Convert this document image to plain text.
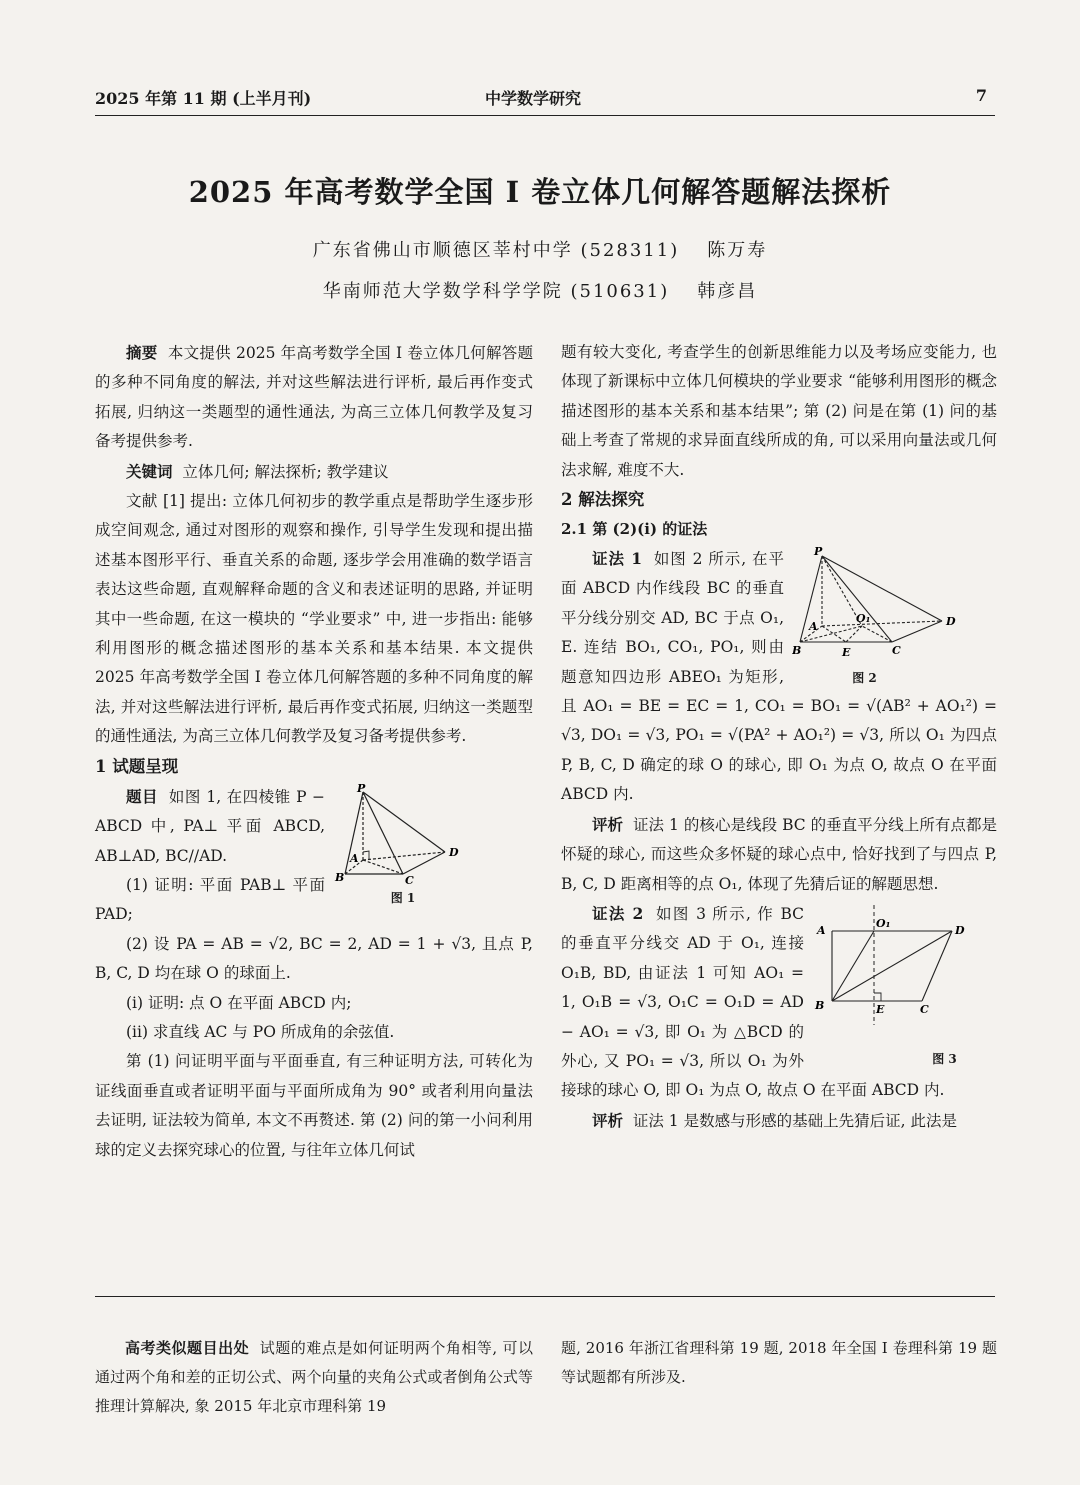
2025 年第 11 期 (上半月刊)	中学数学研究	7
2025 年高考数学全国 I 卷立体几何解答题解法探析
广东省佛山市顺德区莘村中学 (528311) 陈万寿
华南师范大学数学科学学院 (510631) 韩彦昌

摘要 本文提供 2025 年高考数学全国 I 卷立体几何解答题的多种不同角度的解法, 并对这些解法进行评析, 最后再作变式拓展, 归纳这一类题型的通性通法, 为高三立体几何教学及复习备考提供参考.

关键词 立体几何; 解法探析; 教学建议

文献 [1] 提出: 立体几何初步的教学重点是帮助学生逐步形成空间观念, 通过对图形的观察和操作, 引导学生发现和提出描述基本图形平行、垂直关系的命题, 逐步学会用准确的数学语言表达这些命题, 直观解释命题的含义和表述证明的思路, 并证明其中一些命题, 在这一模块的 “学业要求” 中, 进一步指出: 能够利用图形的概念描述图形的基本关系和基本结果. 本文提供 2025 年高考数学全国 I 卷立体几何解答题的多种不同角度的解法, 并对这些解法进行评析, 最后再作变式拓展, 归纳这一类题型的通性通法, 为高三立体几何教学及复习备考提供参考.

1 试题呈现
P
A
B	C
D
图 1

题目 如图 1, 在四棱锥 P − ABCD 中, PA⊥ 平面 ABCD, AB⊥AD, BC//AD.

(1) 证明: 平面 PAB⊥ 平面 PAD;

(2) 设 PA = AB = √2, BC = 2, AD = 1 + √3, 且点 P, B, C, D 均在球 O 的球面上.

(i) 证明: 点 O 在平面 ABCD 内;

(ii) 求直线 AC 与 PO 所成角的余弦值.

第 (1) 问证明平面与平面垂直, 有三种证明方法, 可转化为证线面垂直或者证明平面与平面所成角为 90° 或者利用向量法去证明, 证法较为简单, 本文不再赘述. 第 (2) 问的第一小问利用球的定义去探究球心的位置, 与往年立体几何试

题有较大变化, 考查学生的创新思维能力以及考场应变能力, 也体现了新课标中立体几何模块的学业要求 “能够利用图形的概念描述图形的基本关系和基本结果”; 第 (2) 问是在第 (1) 问的基础上考查了常规的求异面直线所成的角, 可以采用向量法或几何法求解, 难度不大.

2 解法探究
2.1 第 (2)(i) 的证法
P
A
O₁
B	E	C
D
图 2

证法 1 如图 2 所示, 在平面 ABCD 内作线段 BC 的垂直平分线分别交 AD, BC 于点 O₁, E. 连结 BO₁, CO₁, PO₁, 则由题意知四边形 ABEO₁ 为矩形, 且 AO₁ = BE = EC = 1, CO₁ = BO₁ = √(AB² + AO₁²) = √3, DO₁ = √3, PO₁ = √(PA² + AO₁²) = √3, 所以 O₁ 为四点 P, B, C, D 确定的球 O 的球心, 即 O₁ 为点 O, 故点 O 在平面 ABCD 内.

评析 证法 1 的核心是线段 BC 的垂直平分线上所有点都是怀疑的球心, 而这些众多怀疑的球心点中, 恰好找到了与四点 P, B, C, D 距离相等的点 O₁, 体现了先猜后证的解题思想.

A
O₁
D
B	E	C
图 3

证法 2 如图 3 所示, 作 BC 的垂直平分线交 AD 于 O₁, 连接 O₁B, BD, 由证法 1 可知 AO₁ = 1, O₁B = √3, O₁C = O₁D = AD − AO₁ = √3, 即 O₁ 为 △BCD 的外心, 又 PO₁ = √3, 所以 O₁ 为外接球的球心 O, 即 O₁ 为点 O, 故点 O 在平面 ABCD 内.

评析 证法 1 是数感与形感的基础上先猜后证, 此法是

高考类似题目出处 试题的难点是如何证明两个角相等, 可以通过两个角和差的正切公式、两个向量的夹角公式或者倒角公式等推理计算解决, 象 2015 年北京市理科第 19

题, 2016 年浙江省理科第 19 题, 2018 年全国 I 卷理科第 19 题等试题都有所涉及.
